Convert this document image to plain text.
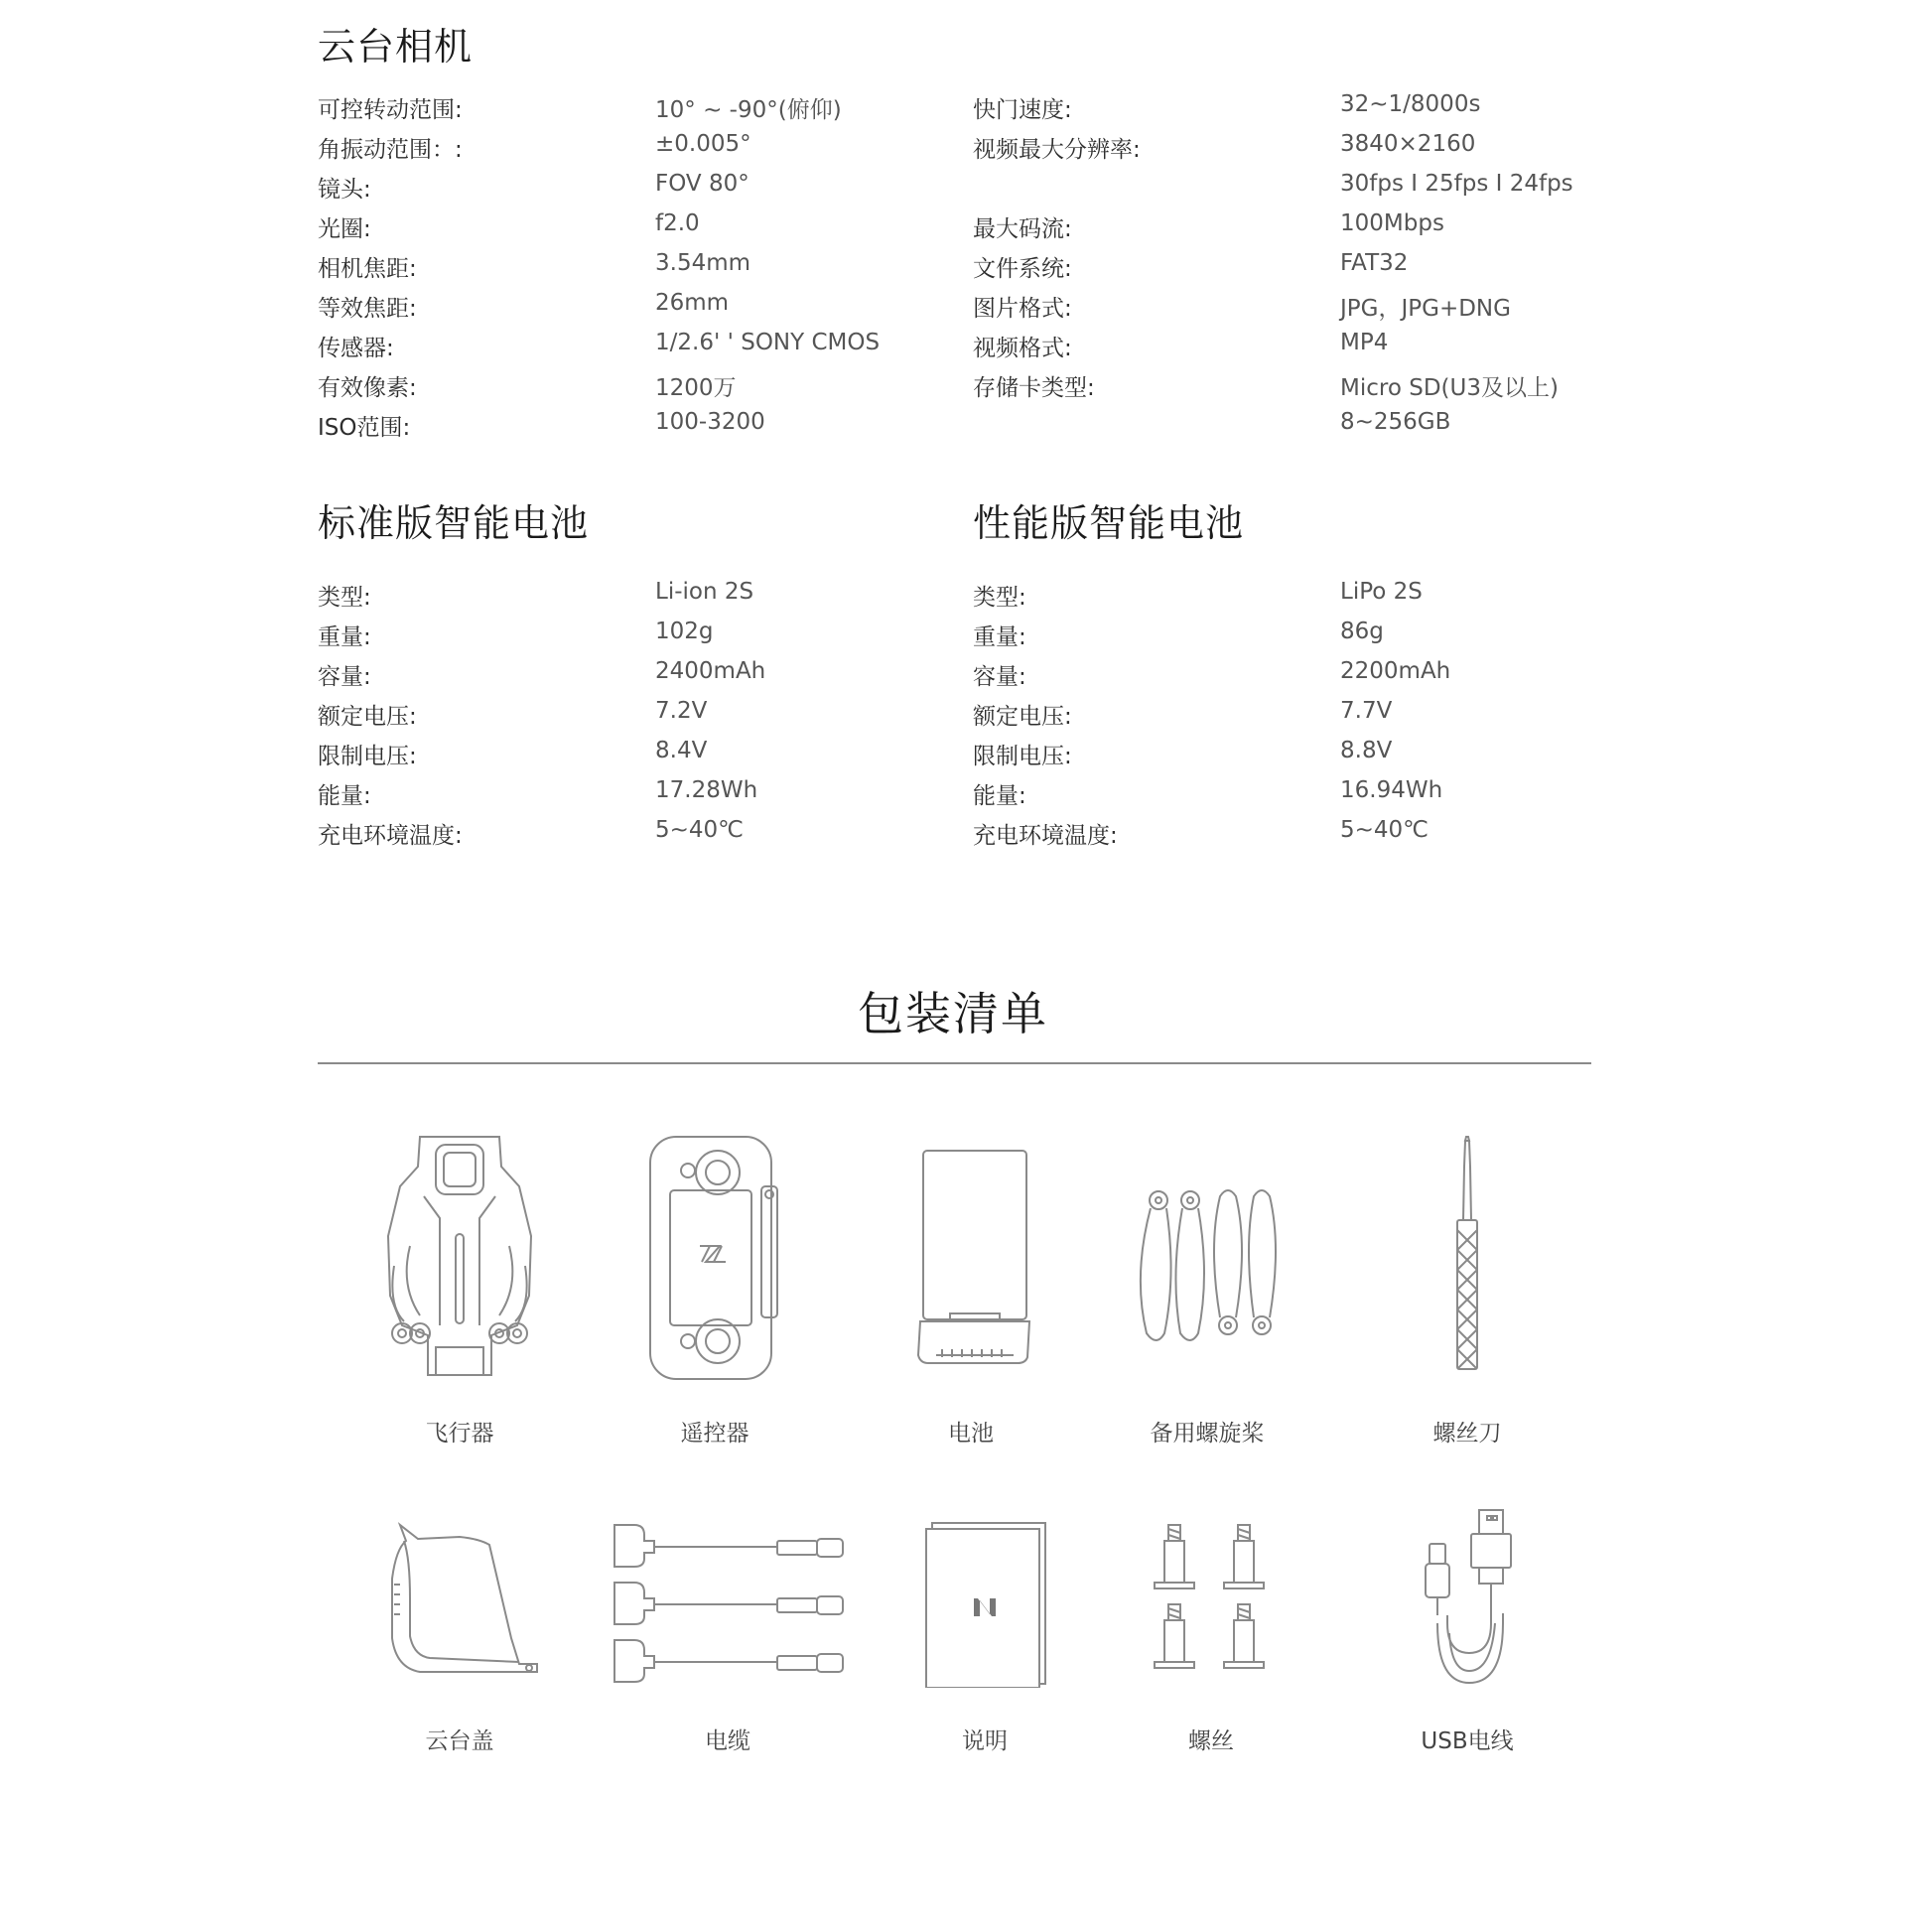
云台相机
可控转动范围:	10° ~ -90°(俯仰)
角振动范围：:	±0.005°
镜头:	FOV 80°
光圈:	f2.0
相机焦距:	3.54mm
等效焦距:	26mm
传感器:	1/2.6' ' SONY CMOS
有效像素:	1200万
ISO范围:	100-3200
快门速度:	32~1/8000s
视频最大分辨率:	3840×2160
30fps I 25fps I 24fps
最大码流:	100Mbps
文件系统:	FAT32
图片格式:	JPG，JPG+DNG
视频格式:	MP4
存储卡类型:	Micro SD(U3及以上)
8~256GB
标准版智能电池	性能版智能电池
类型:	Li-ion 2S
重量:	102g
容量:	2400mAh
额定电压:	7.2V
限制电压:	8.4V
能量:	17.28Wh
充电环境温度:	5~40℃
类型:	LiPo 2S
重量:	86g
容量:	2200mAh
额定电压:	7.7V
限制电压:	8.8V
能量:	16.94Wh
充电环境温度:	5~40℃
包装清单
飞行器	遥控器	电池	备用螺旋桨	螺丝刀
云台盖	电缆	说明	螺丝	USB电线
